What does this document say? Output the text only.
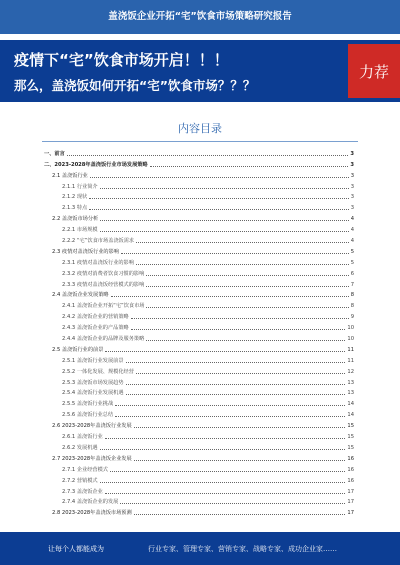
盖浇饭企业开拓“宅”饮食市场策略研究报告
疫情下“宅”饮食市场开启！！！
那么，盖浇饭如何开拓“宅”饮食市场？？？
力荐
内容目录
一、前言	3
二、2023-2028年盖浇饭行业市场发展策略	3
2.1 盖浇饭行业	3
2.1.1 行业简介	3
2.1.2 现状	3
2.1.3 特点	3
2.2 盖浇饭市场分析	4
2.2.1 市场规模	4
2.2.2 “宅”饮食市场盖浇饭需求	4
2.3 疫情对盖浇饭行业的影响	5
2.3.1 疫情对盖浇饭行业的影响	5
2.3.2 疫情对消费者饮食习惯的影响	6
2.3.3 疫情对盖浇饭经营模式的影响	7
2.4 盖浇饭企业发展策略	8
2.4.1 盖浇饭企业开拓“宅”饮食市场	8
2.4.2 盖浇饭企业的营销策略	9
2.4.3 盖浇饭企业的产品策略	10
2.4.4 盖浇饭企业的品牌及服务策略	10
2.5 盖浇饭行业的前景	11
2.5.1 盖浇饭行业发展前景	11
2.5.2 一体化发展、规模化经营	12
2.5.3 盖浇饭市场发展趋势	13
2.5.4 盖浇饭行业发展机遇	13
2.5.5 盖浇饭行业挑战	14
2.5.6 盖浇饭行业总结	14
2.6 2023-2028年盖浇饭行业发展	15
2.6.1 盖浇饭行业	15
2.6.2 发展机遇	15
2.7 2023-2028年盖浇饭企业发展	16
2.7.1 企业经营模式	16
2.7.2 营销模式	16
2.7.3 盖浇饭企业	17
2.7.4 盖浇饭企业的发展	17
2.8 2023-2028年盖浇饭市场预测	17
让每个人都能成为	行业专家、管理专家、营销专家、战略专家、成功企业家……
